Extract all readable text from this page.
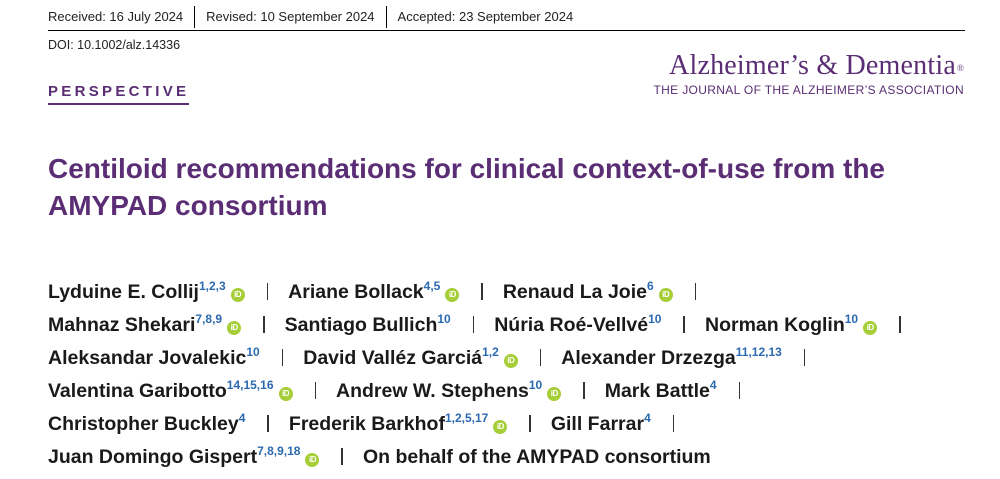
Received: 16 July 2024	Revised: 10 September 2024	Accepted: 23 September 2024
DOI: 10.1002/alz.14336
Alzheimer’s & Dementia®
THE JOURNAL OF THE ALZHEIMER’S ASSOCIATION
PERSPECTIVE
Centiloid recommendations for clinical context-of-use from the AMYPAD consortium
Lyduine E. Collij$^{1,2,3}$iD Ariane Bollack$^{4,5}$iD Renaud La Joie$^6$iD
Mahnaz Shekari$^{7,8,9}$iD Santiago Bullich$^{10}$ Núria Roé-Vellvé$^{10}$ Norman Koglin$^{10}$iD
Aleksandar Jovalekic$^{10}$ David Valléz Garciá$^{1,2}$iD Alexander Drzezga$^{11,12,13}$
Valentina Garibotto$^{14,15,16}$iD Andrew W. Stephens$^{10}$iD Mark Battle$^4$
Christopher Buckley$^4$ Frederik Barkhof$^{1,2,5,17}$iD Gill Farrar$^4$
Juan Domingo Gispert$^{7,8,9,18}$iD On behalf of the AMYPAD consortium
